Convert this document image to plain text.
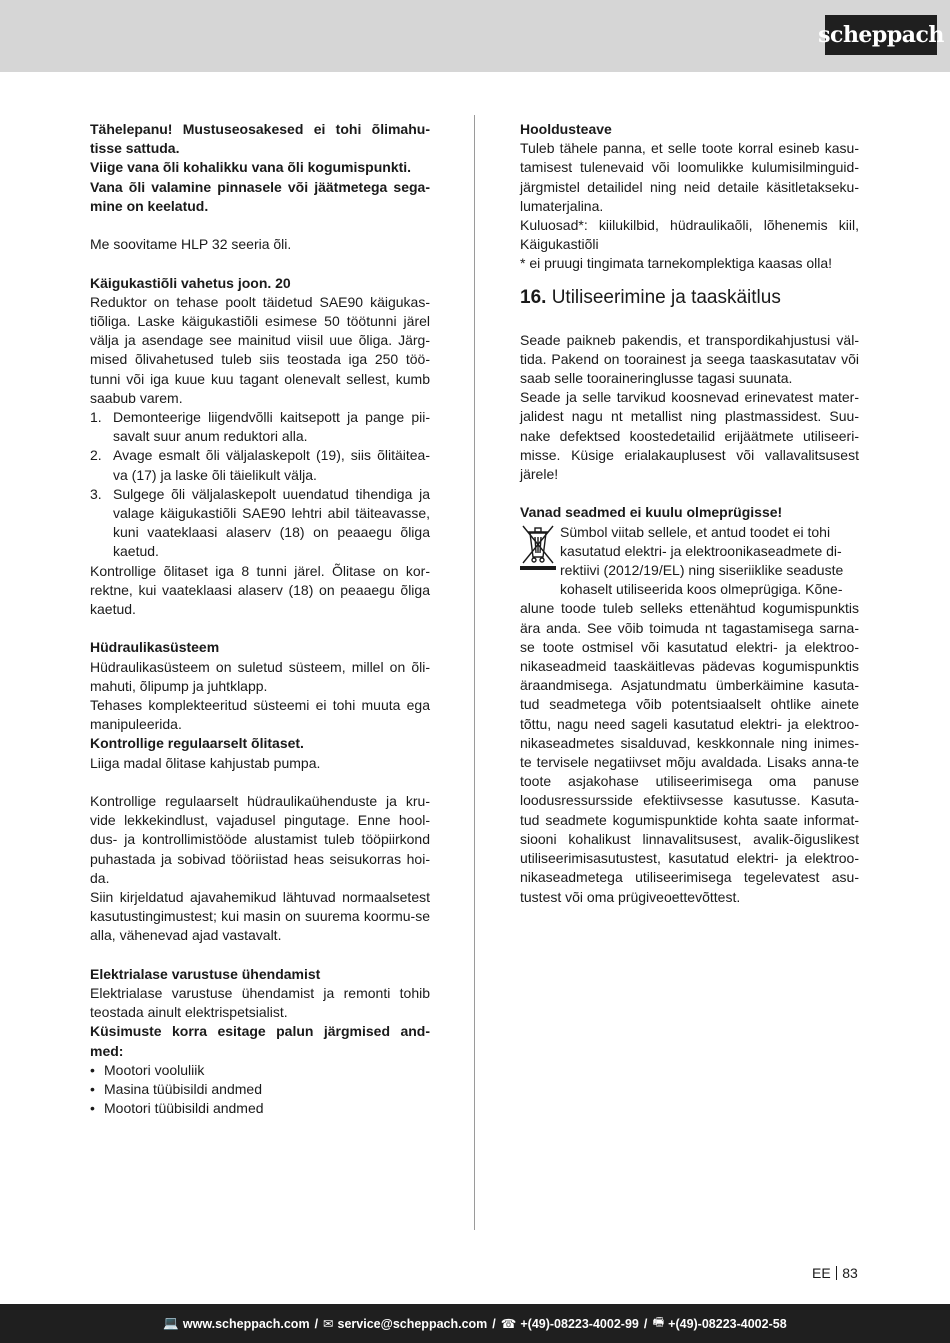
scheppach

Tähelepanu! Mustuseosakesed ei tohi õlimahu-tisse sattuda.

Viige vana õli kohalikku vana õli kogumispunkti.

Vana õli valamine pinnasele või jäätmetega sega-mine on keelatud.

Me soovitame HLP 32 seeria õli.

Käigukastiõli vahetus joon. 20

Reduktor on tehase poolt täidetud SAE90 käigukas-tiõliga. Laske käigukastiõli esimese 50 töötunni järel välja ja asendage see mainitud viisil uue õliga. Järg-mised õlivahetused tuleb siis teostada iga 250 töö-tunni või iga kuue kuu tagant olenevalt sellest, kumb saabub varem.

1. Demonteerige liigendvõlli kaitsepott ja pange pii-savalt suur anum reduktori alla.
2. Avage esmalt õli väljalaskepolt (19), siis õlitäitea-va (17) ja laske õli täielikult välja.
3. Sulgege õli väljalaskepolt uuendatud tihendiga ja valage käigukastiõli SAE90 lehtri abil täiteavasse, kuni vaateklaasi alaserv (18) on peaaegu õliga kaetud.

Kontrollige õlitaset iga 8 tunni järel. Õlitase on kor-rektne, kui vaateklaasi alaserv (18) on peaaegu õliga kaetud.

Hüdraulikasüsteem

Hüdraulikasüsteem on suletud süsteem, millel on õli-mahuti, õlipump ja juhtklapp.

Tehases komplekteeritud süsteemi ei tohi muuta ega manipuleerida.

Kontrollige regulaarselt õlitaset.

Liiga madal õlitase kahjustab pumpa.

Kontrollige regulaarselt hüdraulikaühenduste ja kru-vide lekkekindlust, vajadusel pingutage. Enne hool-dus- ja kontrollimistööde alustamist tuleb tööpiirkond puhastada ja sobivad tööriistad heas seisukorras hoi-da.

Siin kirjeldatud ajavahemikud lähtuvad normaalsetest kasutustingimustest; kui masin on suurema koormu-se alla, vähenevad ajad vastavalt.

Elektrialase varustuse ühendamist

Elektrialase varustuse ühendamist ja remonti tohib teostada ainult elektrispetsialist.

Küsimuste korra esitage palun järgmised and-med:

• Mootori vooluliik
• Masina tüübisildi andmed
• Mootori tüübisildi andmed

Hooldusteave

Tuleb tähele panna, et selle toote korral esineb kasu-tamisest tulenevaid või loomulikke kulumisilminguid-järgmistel detailidel ning neid detaile käsitletakseku-lumaterjalina.

Kuluosad*: kiilukilbid, hüdraulikaõli, lõhenemis kiil, Käigukastiõli

* ei pruugi tingimata tarnekomplektiga kaasas olla!

16. Utiliseerimine ja taaskäitlus

Seade paikneb pakendis, et transpordikahjustusi väl-tida. Pakend on toorainest ja seega taaskasutatav või saab selle tooraineringlusse tagasi suunata.

Seade ja selle tarvikud koosnevad erinevatest mater-jalidest nagu nt metallist ning plastmassidest. Suu-nake defektsed koostedetailid erijäätmete utiliseeri-misse. Küsige erialakauplusest või vallavalitsusest järele!

Vanad seadmed ei kuulu olmeprügisse!

Sümbol viitab sellele, et antud toodet ei tohi

kasutatud elektri- ja elektroonikaseadmete di-

rektiivi (2012/19/EL) ning siseriiklike seaduste

kohaselt utiliseerida koos olmeprügiga. Kõne-

alune toode tuleb selleks ettenähtud kogumispunktis ära anda. See võib toimuda nt tagastamisega sarna-se toote ostmisel või kasutatud elektri- ja elektroo-nikaseadmeid taaskäitlevas pädevas kogumispunktis äraandmisega. Asjatundmatu ümberkäimine kasuta-tud seadmetega võib potentsiaalselt ohtlike ainete tõttu, nagu need sageli kasutatud elektri- ja elektroo-nikaseadmetes sisalduvad, keskkonnale ning inimes-te tervisele negatiivset mõju avaldada. Lisaks anna-te toote asjakohase utiliseerimisega oma panuse loodusressursside efektiivsesse kasutusse. Kasuta-tud seadmete kogumispunktide kohta saate informat-siooni kohalikust linnavalitsusest, avalik-õiguslikest utiliseerimisasutustest, kasutatud elektri- ja elektroo-nikaseadmetega utiliseerimisega tegelevatest asu-tustest või oma prügiveoettevõttest.

EE 83
💻 www.scheppach.com / ✉ service@scheppach.com / ☎ +(49)-08223-4002-99 / 🖷 +(49)-08223-4002-58
